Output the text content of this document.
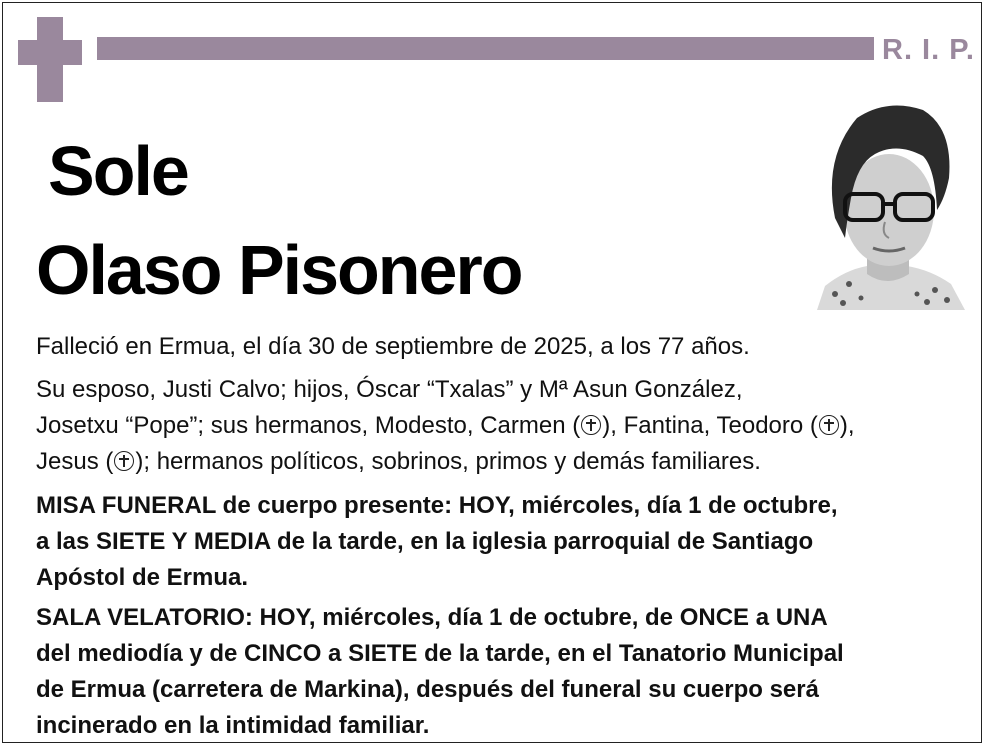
R. I. P.
Sole
Olaso Pisonero
Falleció en Ermua, el día 30 de septiembre de 2025, a los 77 años.
Su esposo, Justi Calvo; hijos, Óscar “Txalas” y Mª Asun González,
Josetxu “Pope”; sus hermanos, Modesto, Carmen ( ), Fantina, Teodoro ( ),
Jesus ( ); hermanos políticos, sobrinos, primos y demás familiares.
MISA FUNERAL de cuerpo presente: HOY, miércoles, día 1 de octubre,
a las SIETE Y MEDIA de la tarde, en la iglesia parroquial de Santiago
Apóstol de Ermua.
SALA VELATORIO: HOY, miércoles, día 1 de octubre, de ONCE a UNA
del mediodía y de CINCO a SIETE de la tarde, en el Tanatorio Municipal
de Ermua (carretera de Markina), después del funeral su cuerpo será
incinerado en la intimidad familiar.
